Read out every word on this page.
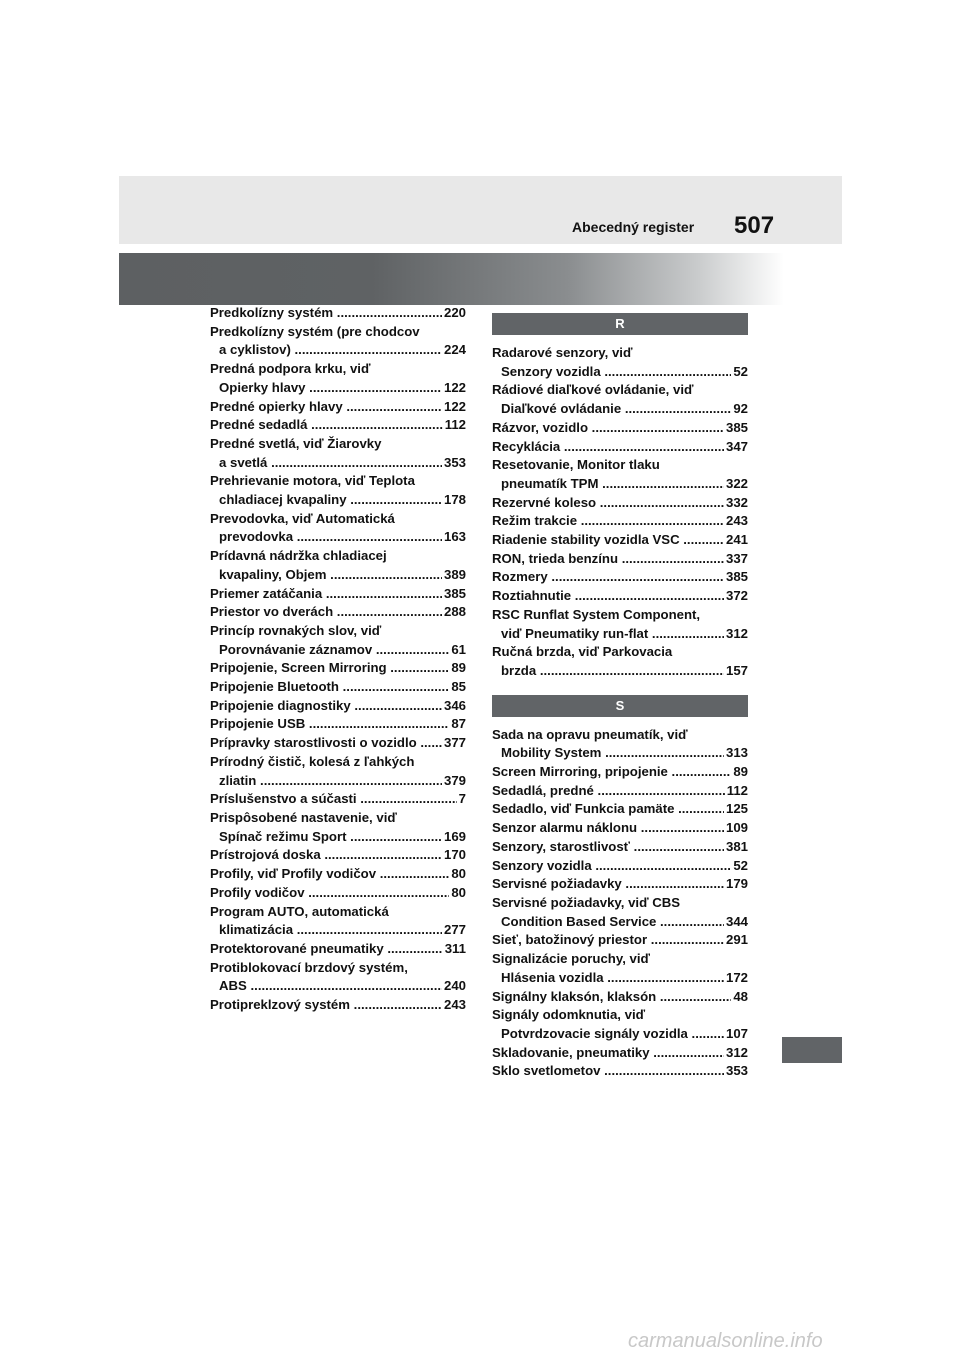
Abecedný register 507
Predkolízny systém .....	220
Predkolízny systém (pre chodcov
a cyklistov) .....	224
Predná podpora krku, viď
Opierky hlavy .....	122
Predné opierky hlavy .....	122
Predné sedadlá .....	112
Predné svetlá, viď Žiarovky
a svetlá .....	353
Prehrievanie motora, viď Teplota
chladiacej kvapaliny .....	178
Prevodovka, viď Automatická
prevodovka .....	163
Prídavná nádržka chladiacej
kvapaliny, Objem .....	389
Priemer zatáčania .....	385
Priestor vo dverách .....	288
Princíp rovnakých slov, viď
Porovnávanie záznamov .....	61
Pripojenie, Screen Mirroring .....	89
Pripojenie Bluetooth .....	85
Pripojenie diagnostiky .....	346
Pripojenie USB .....	87
Prípravky starostlivosti o vozidlo .....	377
Prírodný čistič, kolesá z ľahkých
zliatin .....	379
Príslušenstvo a súčasti .....	7
Prispôsobené nastavenie, viď
Spínač režimu Sport .....	169
Prístrojová doska .....	170
Profily, viď Profily vodičov .....	80
Profily vodičov .....	80
Program AUTO, automatická
klimatizácia .....	277
Protektorované pneumatiky .....	311
Protiblokovací brzdový systém,
ABS .....	240
Protipreklzový systém .....	243
R
Radarové senzory, viď
Senzory vozidla .....	52
Rádiové diaľkové ovládanie, viď
Diaľkové ovládanie .....	92
Rázvor, vozidlo .....	385
Recyklácia .....	347
Resetovanie, Monitor tlaku
pneumatík TPM .....	322
Rezervné koleso .....	332
Režim trakcie .....	243
Riadenie stability vozidla VSC .....	241
RON, trieda benzínu .....	337
Rozmery .....	385
Roztiahnutie .....	372
RSC Runflat System Component,
viď Pneumatiky run-flat .....	312
Ručná brzda, viď Parkovacia
brzda .....	157
S
Sada na opravu pneumatík, viď
Mobility System .....	313
Screen Mirroring, pripojenie .....	89
Sedadlá, predné .....	112
Sedadlo, viď Funkcia pamäte .....	125
Senzor alarmu náklonu .....	109
Senzory, starostlivosť .....	381
Senzory vozidla .....	52
Servisné požiadavky .....	179
Servisné požiadavky, viď CBS
Condition Based Service .....	344
Sieť, batožinový priestor .....	291
Signalizácie poruchy, viď
Hlásenia vozidla .....	172
Signálny klaksón, klaksón .....	48
Signály odomknutia, viď
Potvrdzovacie signály vozidla .....	107
Skladovanie, pneumatiky .....	312
Sklo svetlometov .....	353
carmanualsonline.info
